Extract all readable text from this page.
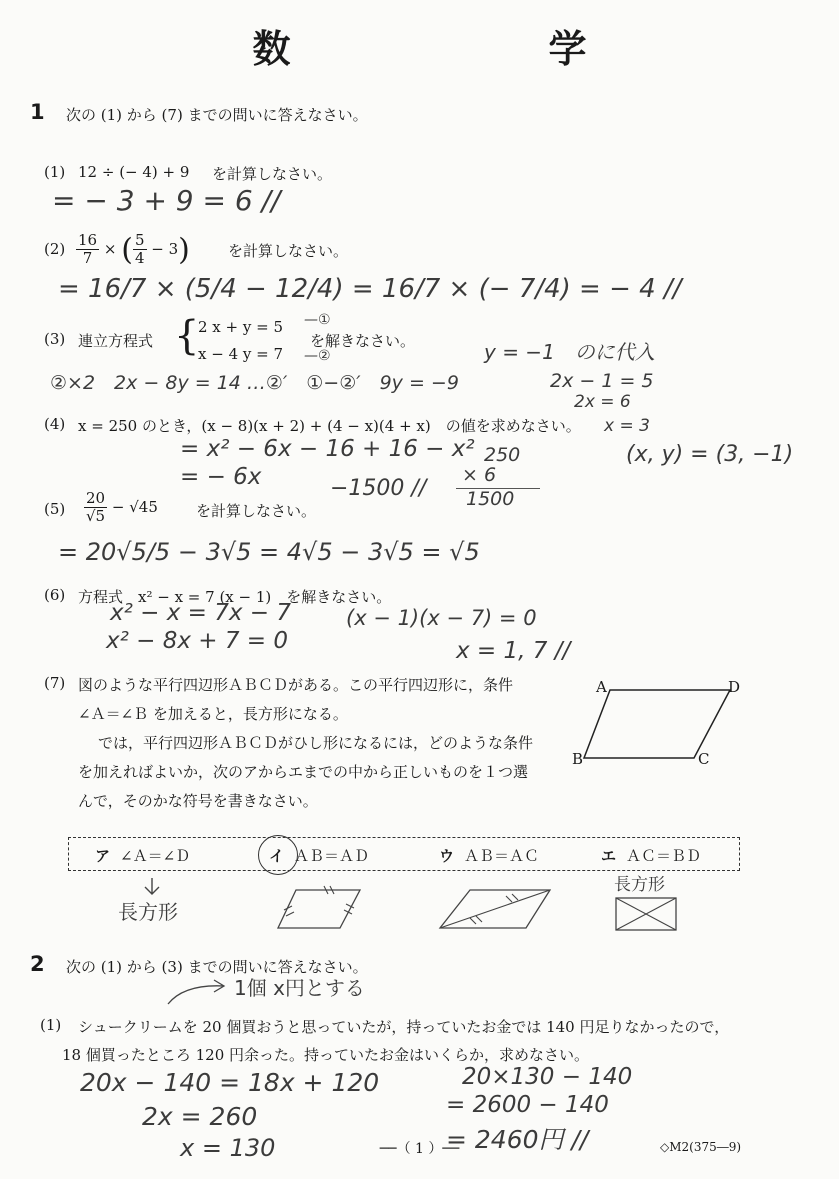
数　学
1 次の (1) から (7) までの問いに答えなさい。
(1) 12 ÷ (− 4) + 9 を計算しなさい。
= − 3 + 9 = 6 //
$(2) \frac{16}{7}$ × ( $\frac{5}{4} - 3$)	を計算しなさい。
= 16/7 × (5/4 − 12/4) = 16/7 × (− 7/4) = − 4 //
(3) 連立方程式 {
2 x + y = 5
x − 4 y = 7
—①
—②
を解きなさい。
②×2　2x − 8y = 14 …②′　①−②′　9y = −9
y = −1　のに代入
2x − 1 = 5
2x = 6
x = 3
(x, y) = (3, −1)
(4) x = 250 のとき，(x − 8)(x + 2) + (4 − x)(4 + x)　の値を求めなさい。
= x² − 6x − 16 + 16 − x²
= − 6x	−1500 //
250
× 6
1500
$(5) \frac{20}{√5} - √45$	を計算しなさい。
= 20√5/5 − 3√5 = 4√5 − 3√5 = √5
(6) 方程式　x² − x = 7 (x − 1)　を解きなさい。
x² − x = 7x − 7
x² − 8x + 7 = 0
(x − 1)(x − 7) = 0
x = 1, 7 //
(7) 図のような平行四辺形ＡＢＣＤがある。この平行四辺形に，条件
∠Ａ＝∠Ｂ を加えると，長方形になる。
では，平行四辺形ＡＢＣＤがひし形になるには，どのような条件
を加えればよいか，次のアからエまでの中から正しいものを１つ選
んで，そのかな符号を書きなさい。
A	D
B	C
ア ∠Ａ＝∠Ｄ	イ ＡＢ＝ＡＤ	ウ ＡＢ＝ＡＣ	エ ＡＣ＝ＢＤ
長方形
長方形
2 次の (1) から (3) までの問いに答えなさい。
1個 x円とする
(1) シュークリームを 20 個買おうと思っていたが，持っていたお金では 140 円足りなかったので，
18 個買ったところ 120 円余った。持っていたお金はいくらか，求めなさい。
20x − 140 = 18x + 120
2x = 260
x = 130
20×130 − 140
= 2600 − 140
= 2460円 //
──（ 1 ）──	◇M2(375―9)
